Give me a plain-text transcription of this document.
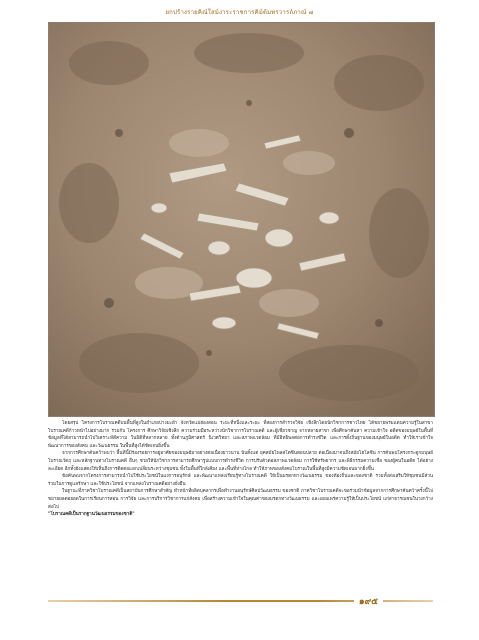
ยกปร้างรายคิณ์ใสม์งาระราชการคิม์ต้มทรวารถ์ภาณ์ ๗

โดยสรุป โครงการโบราณคดีบนพื้นที่สูงในอำเภอปางมะผ้า จังหวัดแม่ฮ่องสอน ระยะที่หนึ่งและระยะ ที่สองการสำรวจวิจัย เชิงลึกโดยนักวิชาการชาวไทย ได้ขยายพรมแดนความรู้ในสาขาโบราณคดีก้าวหน้าไปอย่างมาก ร่วมกับ โครงการ ศึกษาวิจัยเชิงลึก ความร่วมมือระหว่างนักวิชาการโบราณคดี และผู้เชี่ยวชาญ จากหลายสาขา เพื่อศึกษาค้นหา ความเข้าใจ อดีตของมนุษย์ในพื้นที่ ข้อมูลที่ได้สามารถนำไปวิเคราะห์ตีความ ในมิติที่หลากหลาย ทั้งด้านภูมิศาสตร์ นิเวศวิทยา และสภาพแวดล้อม ที่มีอิทธิพลต่อการดำรงชีวิต และการตั้งถิ่นฐานของมนุษย์ในอดีต ทำให้เราเข้าใจ พัฒนาการของสังคม และวัฒนธรรม ในพื้นที่สูงได้ชัดเจนยิ่งขึ้น

จากการศึกษาค้นคว้าพบว่า พื้นที่นี้มีร่องรอยการอยู่อาศัยของมนุษย์มาอย่างต่อเนื่องยาวนาน นับตั้งแต่ ยุคสมัยไพลสโตซีนตอนปลาย ต่อเนื่องมาจนถึงสมัยโฮโลซีน การค้นพบโครงกระดูกมนุษย์ โบราณวัตถุ และหลักฐานทางโบราณคดี อื่นๆ ช่วยให้นักวิชาการสามารถศึกษารูปแบบการดำรงชีวิต การปรับตัวต่อสภาพแวดล้อม การใช้ทรัพยากร และพิธีกรรมความเชื่อ ของผู้คนในอดีต ได้อย่างละเอียด อีกทั้งยังแสดงให้เห็นถึงการติดต่อแลกเปลี่ยนระหว่างชุมชน ทั้งในพื้นที่ใกล้เคียง และพื้นที่ห่างไกล ทำให้ภาพของสังคมโบราณในพื้นที่สูงมีความชัดเจนมากยิ่งขึ้น

ข้อค้นพบจากโครงการสามารถนำไปใช้ประโยชน์ในแง่การอนุรักษ์ และพัฒนาแหล่งเรียนรู้ทางโบราณคดี ให้เป็นมรดกทางวัฒนธรรม ของท้องถิ่นและของชาติ รวมทั้งส่งเสริมให้ชุมชนมีส่วนร่วมในการดูแลรักษา และใช้ประโยชน์ จากแหล่งโบราณคดีอย่างยั่งยืน

ในฐานะที่ภาควิชาโบราณคดีเป็นสถาบันการศึกษาสำคัญ ทำหน้าที่ผลิตบุคลากรเพื่อทำงานอนุรักษ์ศิลปวัฒนธรรม ของชาติ ภาควิชาโบราณคดีจะขอร่วมนำข้อมูลจากการศึกษาค้นคว้าครั้งนี้ไปขยายผลต่อยอดในการเรียนการสอน การวิจัย และการบริการวิชาการแก่สังคม เพื่อสร้างความเข้าใจในคุณค่าของมรดกทางวัฒนธรรม และเผยแพร่ความรู้ให้เป็นประโยชน์ แก่สาธารณชนในวงกว้างต่อไป

"โบราณคดีเป็นรากฐานวัฒนธรรมของชาติ"

๑๙๕
